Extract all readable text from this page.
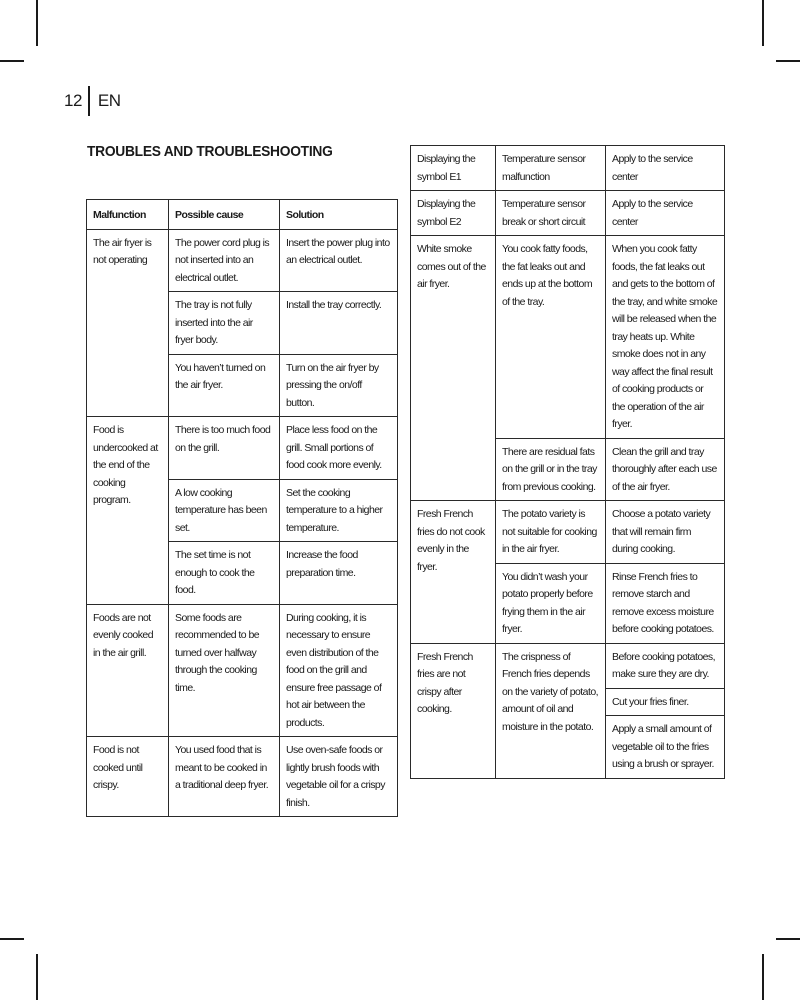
12 EN
TROUBLES AND TROUBLESHOOTING
Malfunction	Possible cause	Solution
The air fryer is not operating	The power cord plug is not inserted into an electrical outlet.	Insert the power plug into an electrical outlet.
	The tray is not fully inserted into the air fryer body.	Install the tray correctly.
	You haven’t turned on the air fryer.	Turn on the air fryer by pressing the on/off button.
Food is undercooked at the end of the cooking program.	There is too much food on the grill.	Place less food on the grill. Small portions of food cook more evenly.
	A low cooking temperature has been set.	Set the cooking temperature to a higher temperature.
	The set time is not enough to cook the food.	Increase the food preparation time.
Foods are not evenly cooked in the air grill.	Some foods are recommended to be turned over halfway through the cooking time.	During cooking, it is necessary to ensure even distribution of the food on the grill and ensure free passage of hot air between the products.
Food is not cooked until crispy.	You used food that is meant to be cooked in a traditional deep fryer.	Use oven-safe foods or lightly brush foods with vegetable oil for a crispy finish.
Displaying the symbol E1	Temperature sensor malfunction	Apply to the service center
Displaying the symbol E2	Temperature sensor break or short circuit	Apply to the service center
White smoke comes out of the air fryer.	You cook fatty foods, the fat leaks out and ends up at the bottom of the tray.	When you cook fatty foods, the fat leaks out and gets to the bottom of the tray, and white smoke will be released when the tray heats up. White smoke does not in any way affect the final result of cooking products or the operation of the air fryer.
	There are residual fats on the grill or in the tray from previous cooking.	Clean the grill and tray thoroughly after each use of the air fryer.
Fresh French fries do not cook evenly in the fryer.	The potato variety is not suitable for cooking in the air fryer.	Choose a potato variety that will remain firm during cooking.
	You didn’t wash your potato properly before frying them in the air fryer.	Rinse French fries to remove starch and remove excess moisture before cooking potatoes.
Fresh French fries are not crispy after cooking.	The crispness of French fries depends on the variety of potato, amount of oil and moisture in the potato.	Before cooking potatoes, make sure they are dry.
		Cut your fries finer.
		Apply a small amount of vegetable oil to the fries using a brush or sprayer.
